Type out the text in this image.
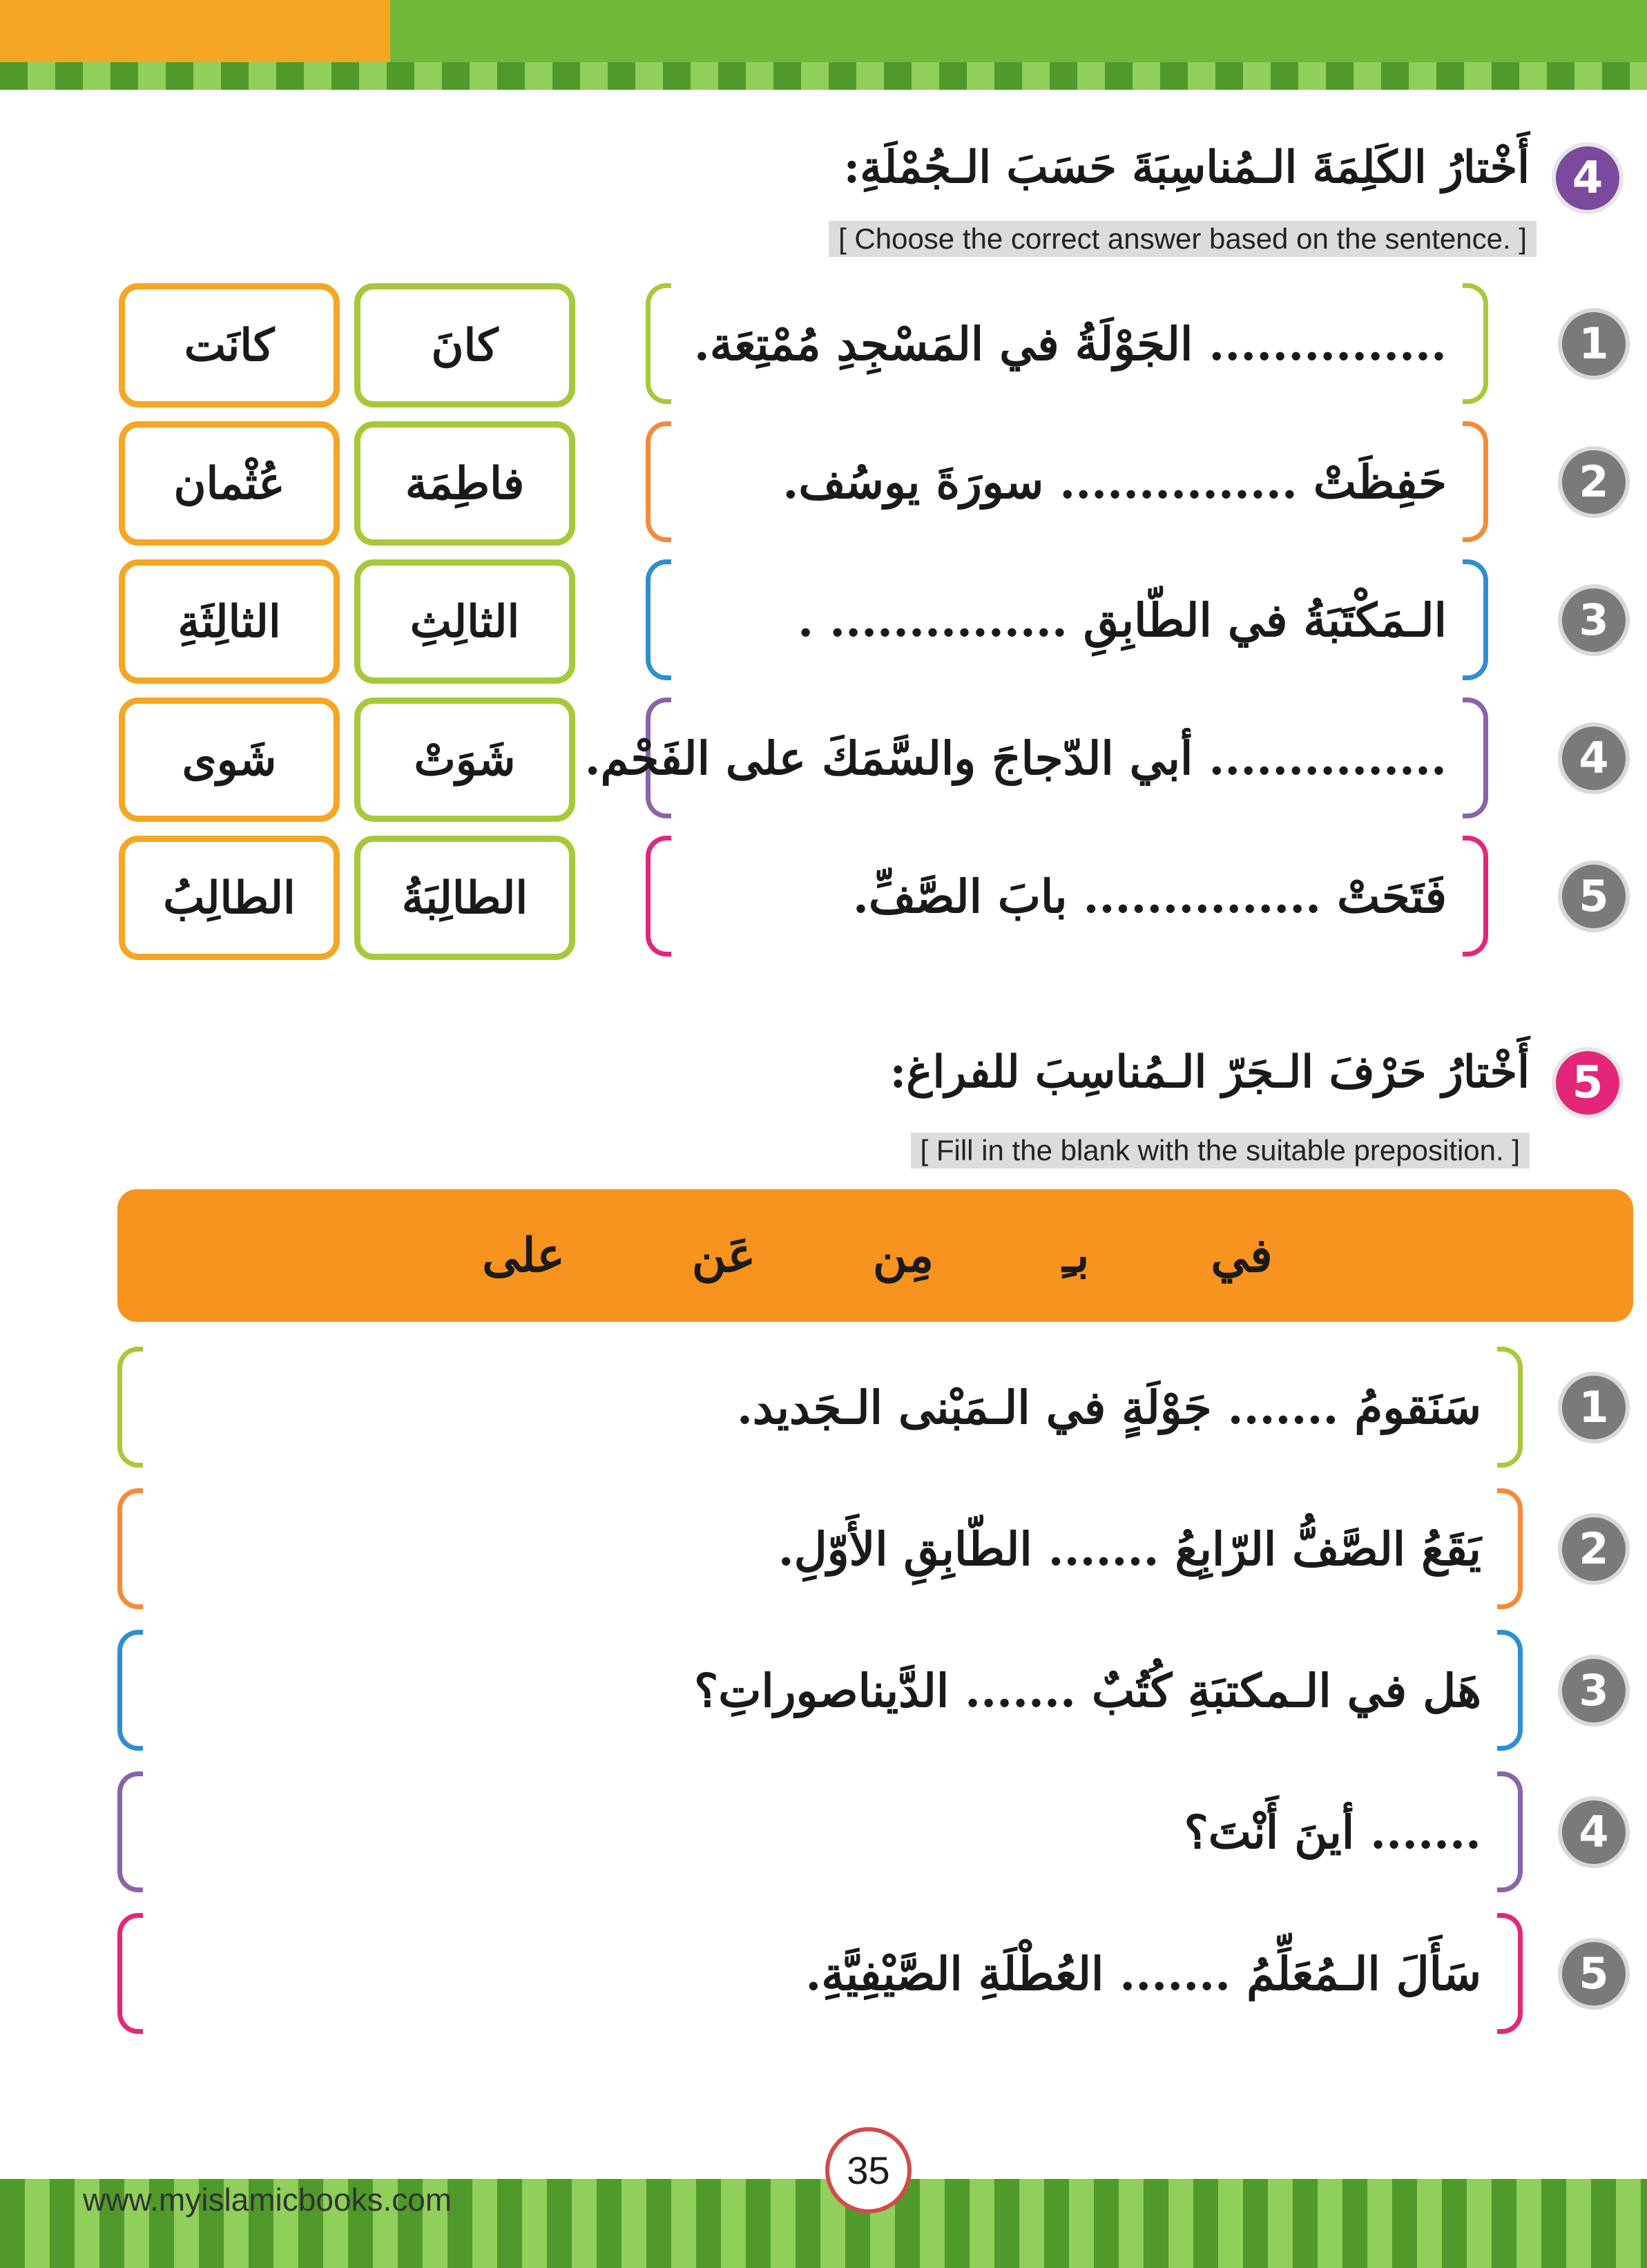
4
أَخْتارُ الكَلِمَةَ الـمُناسِبَةَ حَسَبَ الـجُمْلَةِ:
[ Choose the correct answer based on the sentence. ]
1
............... الجَوْلَةُ في المَسْجِدِ مُمْتِعَة.
2
حَفِظَتْ ............... سورَةَ يوسُف.
3
الـمَكْتَبَةُ في الطّابِقِ ............... .
4
............... أبي الدّجاجَ والسَّمَكَ على الفَحْم.
5
فَتَحَتْ ............... بابَ الصَّفِّ.
كانَ
كانَت
فاطِمَة
عُثْمان
الثالِثِ
الثالِثَةِ
شَوَتْ
شَوى
الطالِبَةُ
الطالِبُ
5
أَخْتارُ حَرْفَ الـجَرّ الـمُناسِبَ للفراغ:
[ Fill in the blank with the suitable preposition. ]
في
بـِ
مِن
عَن
على
1
سَنَقومُ ....... جَوْلَةٍ في الـمَبْنى الـجَديد.
2
يَقَعُ الصَّفُّ الرّابِعُ ....... الطّابِقِ الأَوّلِ.
3
هَل في الـمكتبَةِ كُتُبٌ ....... الدَّيناصوراتِ؟
4
....... أينَ أَنْتَ؟
5
سَأَلَ الـمُعَلِّمُ ....... العُطْلَةِ الصَّيْفِيَّةِ.
35
www.myislamicbooks.com
